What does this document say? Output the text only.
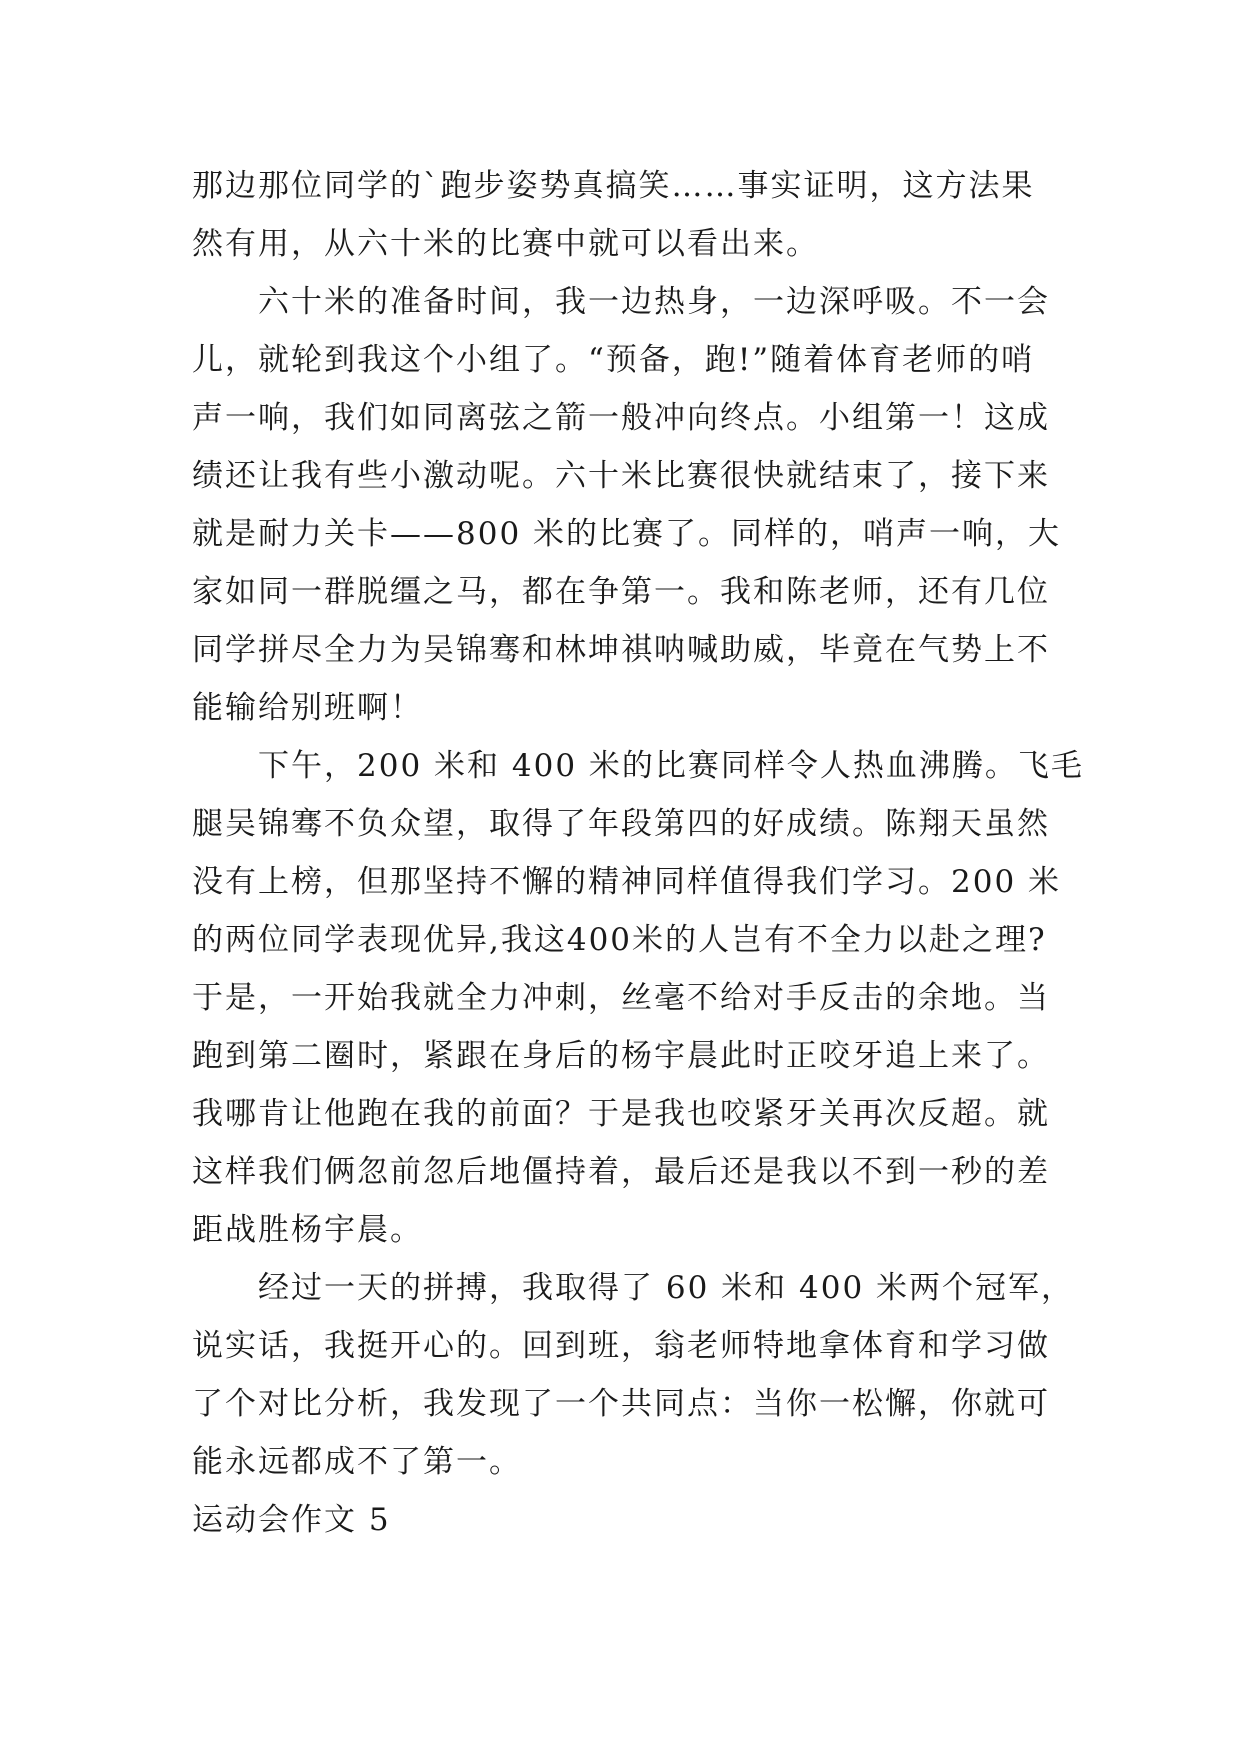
那边那位同学的`跑步姿势真搞笑……事实证明，这方法果
然有用，从六十米的比赛中就可以看出来。
六十米的准备时间，我一边热身，一边深呼吸。不一会
儿，就轮到我这个小组了。“预备，跑!”随着体育老师的哨
声一响，我们如同离弦之箭一般冲向终点。小组第一！这成
绩还让我有些小激动呢。六十米比赛很快就结束了，接下来
就是耐力关卡——800 米的比赛了。同样的，哨声一响，大
家如同一群脱缰之马，都在争第一。我和陈老师，还有几位
同学拼尽全力为吴锦骞和林坤祺呐喊助威，毕竟在气势上不
能输给别班啊！
下午，200 米和 400 米的比赛同样令人热血沸腾。飞毛
腿吴锦骞不负众望，取得了年段第四的好成绩。陈翔天虽然
没有上榜，但那坚持不懈的精神同样值得我们学习。200 米
的两位同学表现优异,我这400米的人岂有不全力以赴之理?
于是，一开始我就全力冲刺，丝毫不给对手反击的余地。当
跑到第二圈时，紧跟在身后的杨宇晨此时正咬牙追上来了。
我哪肯让他跑在我的前面？于是我也咬紧牙关再次反超。就
这样我们俩忽前忽后地僵持着，最后还是我以不到一秒的差
距战胜杨宇晨。
经过一天的拼搏，我取得了 60 米和 400 米两个冠军，
说实话，我挺开心的。回到班，翁老师特地拿体育和学习做
了个对比分析，我发现了一个共同点：当你一松懈，你就可
能永远都成不了第一。
运动会作文 5
